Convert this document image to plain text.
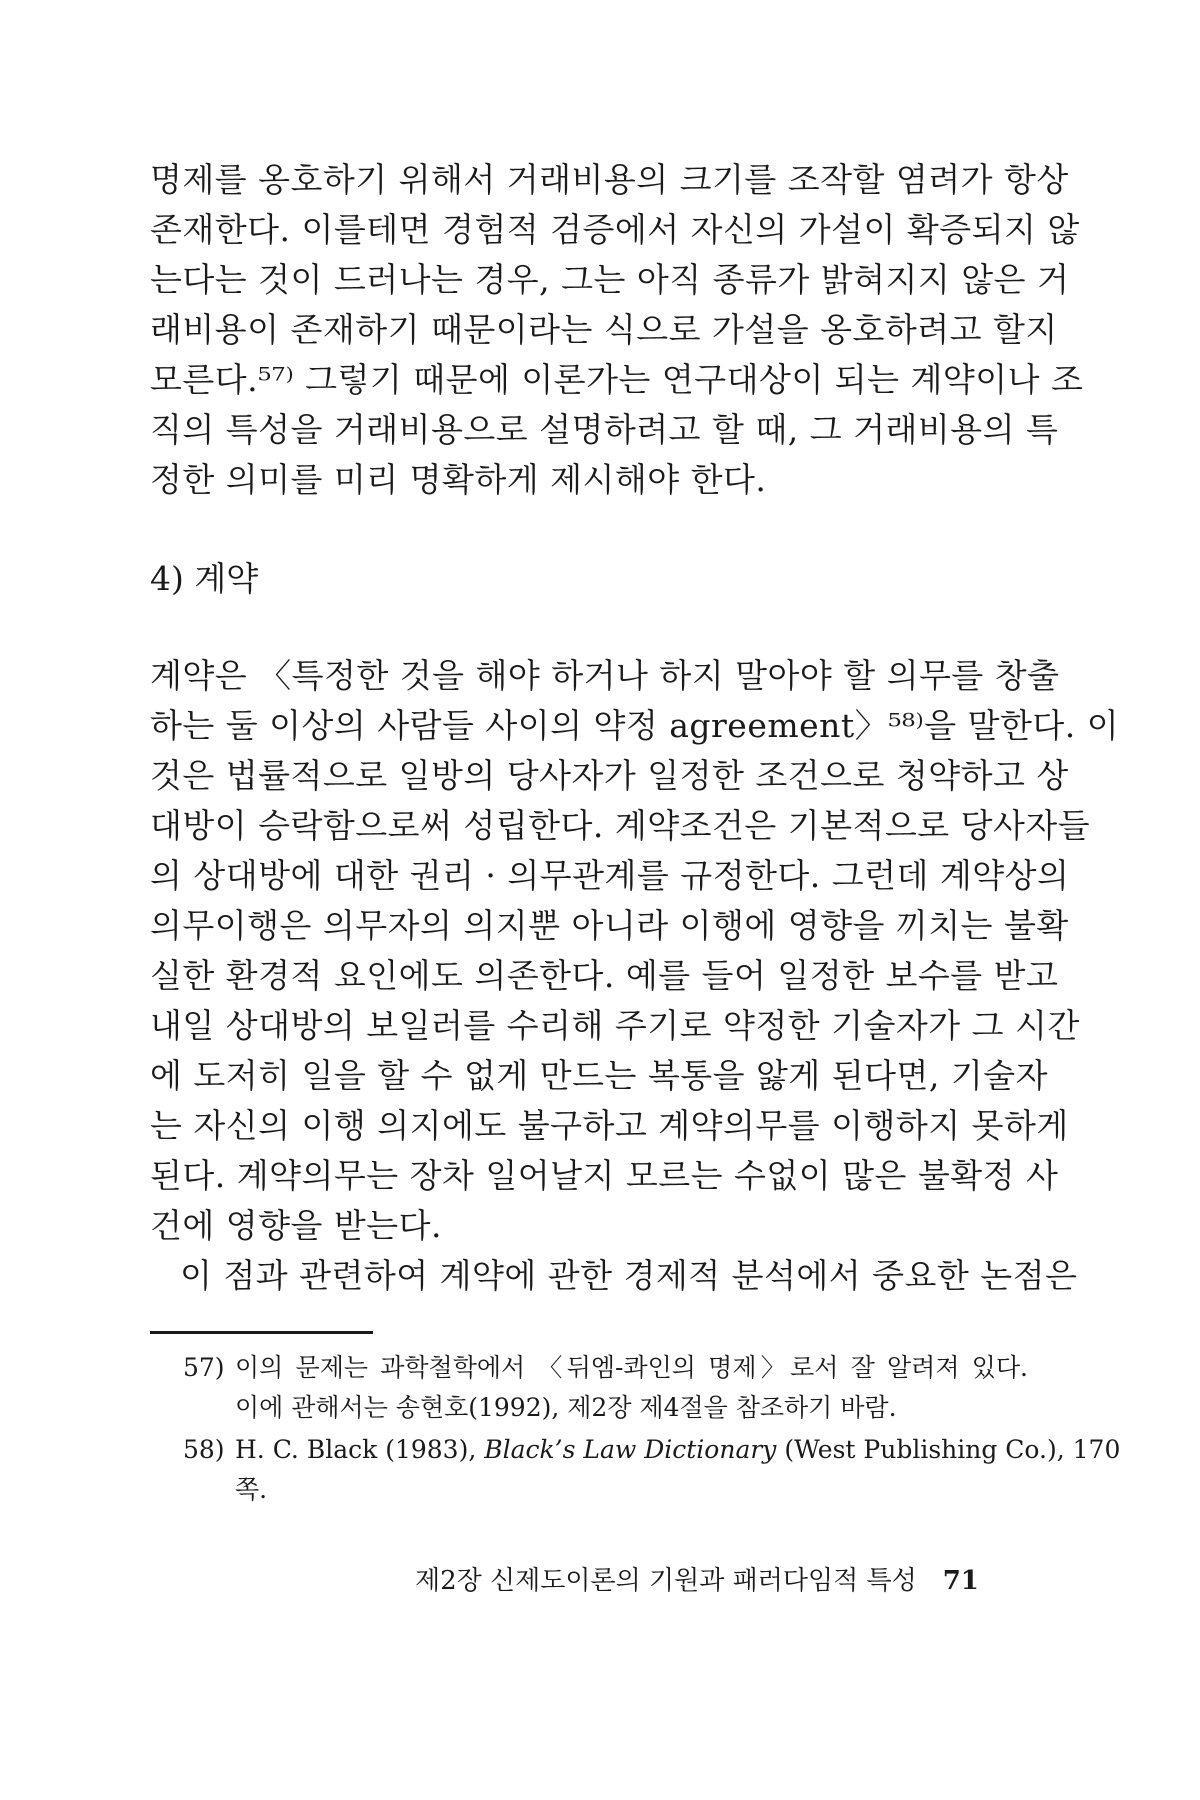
명제를 옹호하기 위해서 거래비용의 크기를 조작할 염려가 항상
존재한다. 이를테면 경험적 검증에서 자신의 가설이 확증되지 않
는다는 것이 드러나는 경우, 그는 아직 종류가 밝혀지지 않은 거
래비용이 존재하기 때문이라는 식으로 가설을 옹호하려고 할지
모른다.⁵⁷⁾ 그렇기 때문에 이론가는 연구대상이 되는 계약이나 조
직의 특성을 거래비용으로 설명하려고 할 때, 그 거래비용의 특
정한 의미를 미리 명확하게 제시해야 한다.
4) 계약
계약은 〈특정한 것을 해야 하거나 하지 말아야 할 의무를 창출
하는 둘 이상의 사람들 사이의 약정 agreement〉⁵⁸⁾을 말한다. 이
것은 법률적으로 일방의 당사자가 일정한 조건으로 청약하고 상
대방이 승락함으로써 성립한다. 계약조건은 기본적으로 당사자들
의 상대방에 대한 권리 · 의무관계를 규정한다. 그런데 계약상의
의무이행은 의무자의 의지뿐 아니라 이행에 영향을 끼치는 불확
실한 환경적 요인에도 의존한다. 예를 들어 일정한 보수를 받고
내일 상대방의 보일러를 수리해 주기로 약정한 기술자가 그 시간
에 도저히 일을 할 수 없게 만드는 복통을 앓게 된다면, 기술자
는 자신의 이행 의지에도 불구하고 계약의무를 이행하지 못하게
된다. 계약의무는 장차 일어날지 모르는 수없이 많은 불확정 사
건에 영향을 받는다.
이 점과 관련하여 계약에 관한 경제적 분석에서 중요한 논점은
57) 이의 문제는 과학철학에서 〈뒤엠-콰인의 명제〉로서 잘 알려져 있다.
이에 관해서는 송현호(1992), 제2장 제4절을 참조하기 바람.
58) H. C. Black (1983), Black’s Law Dictionary (West Publishing Co.), 170
쪽.
제2장 신제도이론의 기원과 패러다임적 특성 71
